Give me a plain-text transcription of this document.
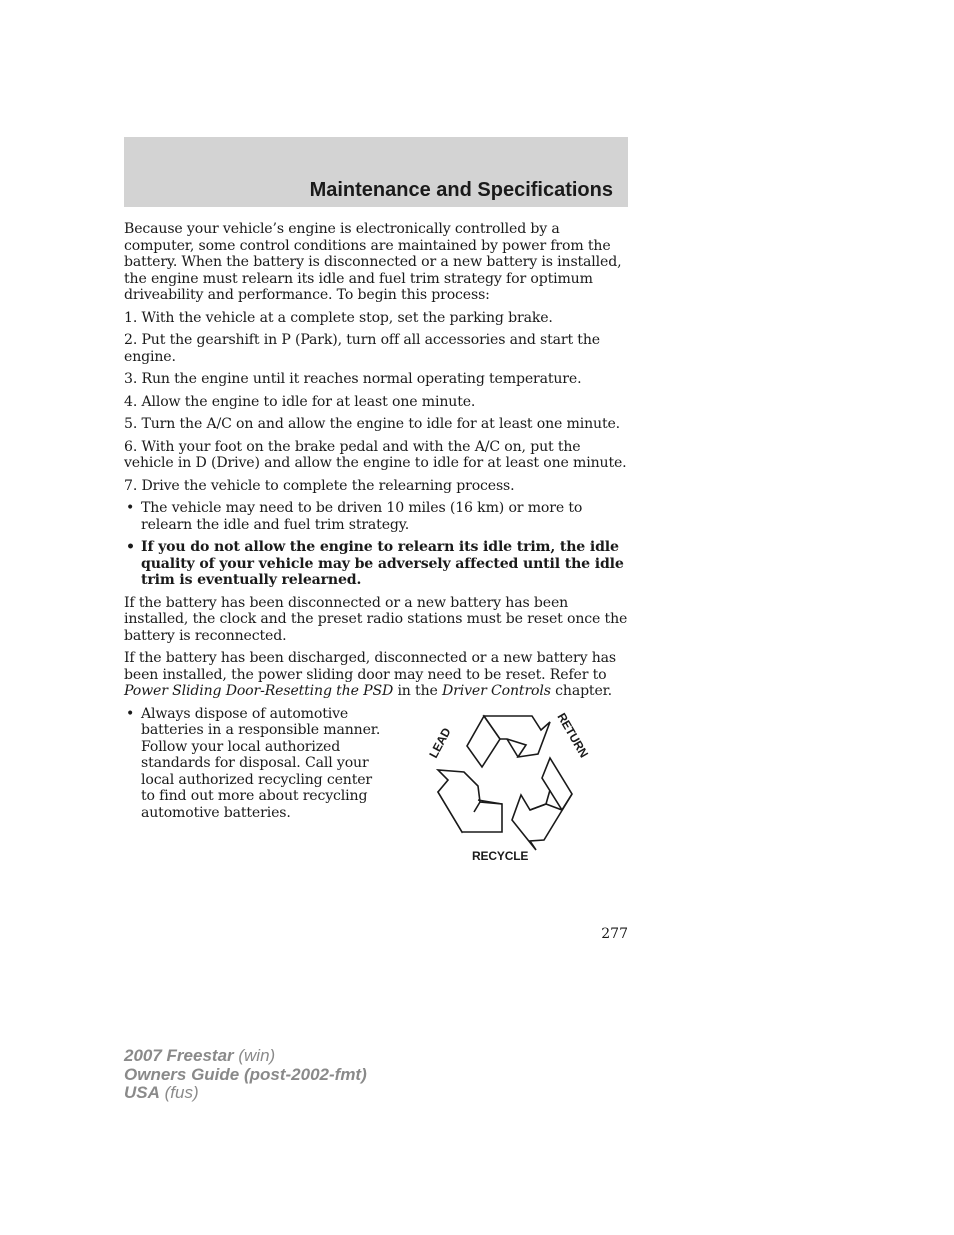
Maintenance and Specifications

Because your vehicle’s engine is electronically controlled by a computer, some control conditions are maintained by power from the battery. When the battery is disconnected or a new battery is installed, the engine must relearn its idle and fuel trim strategy for optimum driveability and performance. To begin this process:

1. With the vehicle at a complete stop, set the parking brake.

2. Put the gearshift in P (Park), turn off all accessories and start the engine.

3. Run the engine until it reaches normal operating temperature.

4. Allow the engine to idle for at least one minute.

5. Turn the A/C on and allow the engine to idle for at least one minute.

6. With your foot on the brake pedal and with the A/C on, put the vehicle in D (Drive) and allow the engine to idle for at least one minute.

7. Drive the vehicle to complete the relearning process.

• The vehicle may need to be driven 10 miles (16 km) or more to relearn the idle and fuel trim strategy.
• If you do not allow the engine to relearn its idle trim, the idle quality of your vehicle may be adversely affected until the idle trim is eventually relearned.

If the battery has been disconnected or a new battery has been installed, the clock and the preset radio stations must be reset once the battery is reconnected.

If the battery has been discharged, disconnected or a new battery has been installed, the power sliding door may need to be reset. Refer to Power Sliding Door-Resetting the PSD in the Driver Controls chapter.

• Always dispose of automotive batteries in a responsible manner. Follow your local authorized standards for disposal. Call your local authorized recycling center to find out more about recycling automotive batteries.
LEAD	RETURN
RECYCLE
277
2007 Freestar (win)
Owners Guide (post-2002-fmt)
USA (fus)
